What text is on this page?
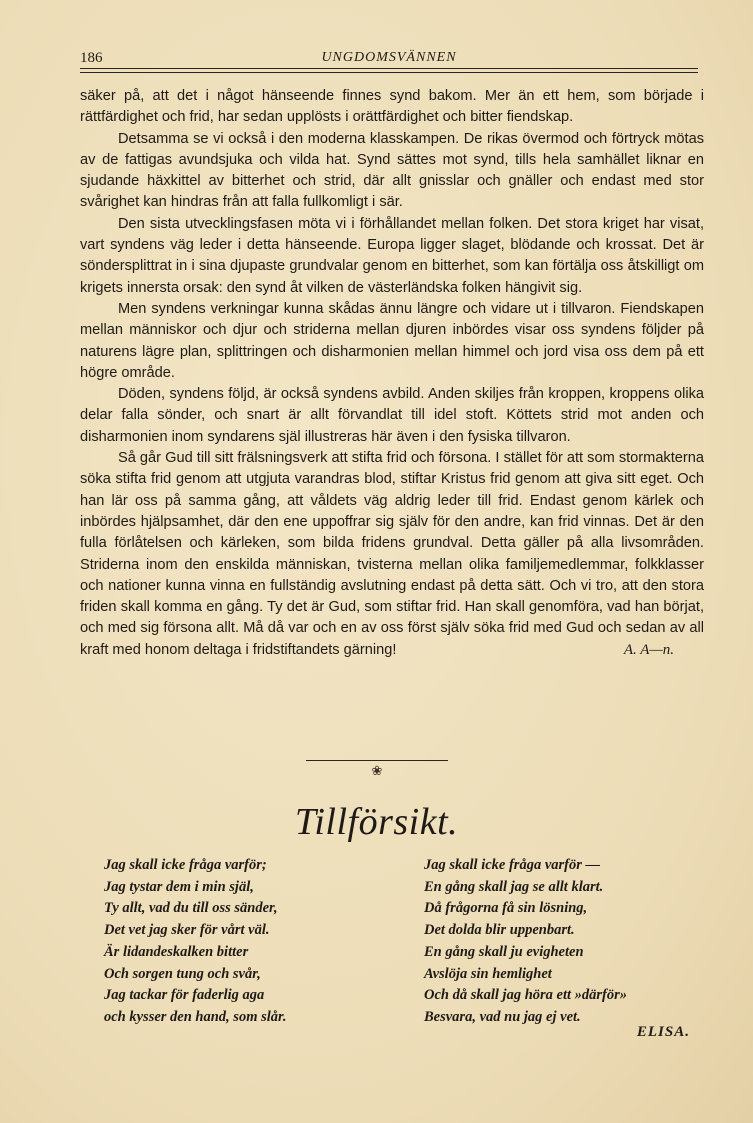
186	UNGDOMSVÄNNEN

säker på, att det i något hänseende finnes synd bakom. Mer än ett hem, som började i rättfärdighet och frid, har sedan upplösts i orättfärdighet och bitter fiendskap.

Detsamma se vi också i den moderna klasskampen. De rikas övermod och förtryck mötas av de fattigas avundsjuka och vilda hat. Synd sättes mot synd, tills hela samhället liknar en sjudande häxkittel av bitterhet och strid, där allt gnisslar och gnäller och endast med stor svårighet kan hindras från att falla fullkomligt i sär.

Den sista utvecklingsfasen möta vi i förhållandet mellan folken. Det stora kriget har visat, vart syndens väg leder i detta hänseende. Europa ligger slaget, blödande och krossat. Det är söndersplittrat in i sina djupaste grundvalar genom en bitterhet, som kan förtälja oss åtskilligt om krigets innersta orsak: den synd åt vilken de västerländska folken hängivit sig.

Men syndens verkningar kunna skådas ännu längre och vidare ut i tillvaron. Fiendskapen mellan människor och djur och striderna mellan djuren inbördes visar oss syndens följder på naturens lägre plan, splittringen och disharmonien mellan himmel och jord visa oss dem på ett högre område.

Döden, syndens följd, är också syndens avbild. Anden skiljes från kroppen, kroppens olika delar falla sönder, och snart är allt förvandlat till idel stoft. Köttets strid mot anden och disharmonien inom syndarens själ illustreras här även i den fysiska tillvaron.

Så går Gud till sitt frälsningsverk att stifta frid och försona. I stället för att som stormakterna söka stifta frid genom att utgjuta varandras blod, stiftar Kristus frid genom att giva sitt eget. Och han lär oss på samma gång, att våldets väg aldrig leder till frid. Endast genom kärlek och inbördes hjälpsamhet, där den ene uppoffrar sig själv för den andre, kan frid vinnas. Det är den fulla förlåtelsen och kärleken, som bilda fridens grundval. Detta gäller på alla livsområden. Striderna inom den enskilda människan, tvisterna mellan olika familjemedlemmar, folkklasser och nationer kunna vinna en fullständig avslutning endast på detta sätt. Och vi tro, att den stora friden skall komma en gång. Ty det är Gud, som stiftar frid. Han skall genomföra, vad han börjat, och med sig försona allt. Må då var och en av oss först själv söka frid med Gud och sedan av all kraft med honom deltaga i fridstiftandets gärning!	A. A—n.

❀
Tillförsikt.
Jag skall icke fråga varför;
Jag tystar dem i min själ,
Ty allt, vad du till oss sänder,
Det vet jag sker för vårt väl.
Är lidandeskalken bitter
Och sorgen tung och svår,
Jag tackar för faderlig aga
och kysser den hand, som slår.
Jag skall icke fråga varför —
En gång skall jag se allt klart.
Då frågorna få sin lösning,
Det dolda blir uppenbart.
En gång skall ju evigheten
Avslöja sin hemlighet
Och då skall jag höra ett »därför»
Besvara, vad nu jag ej vet.
ELISA.
